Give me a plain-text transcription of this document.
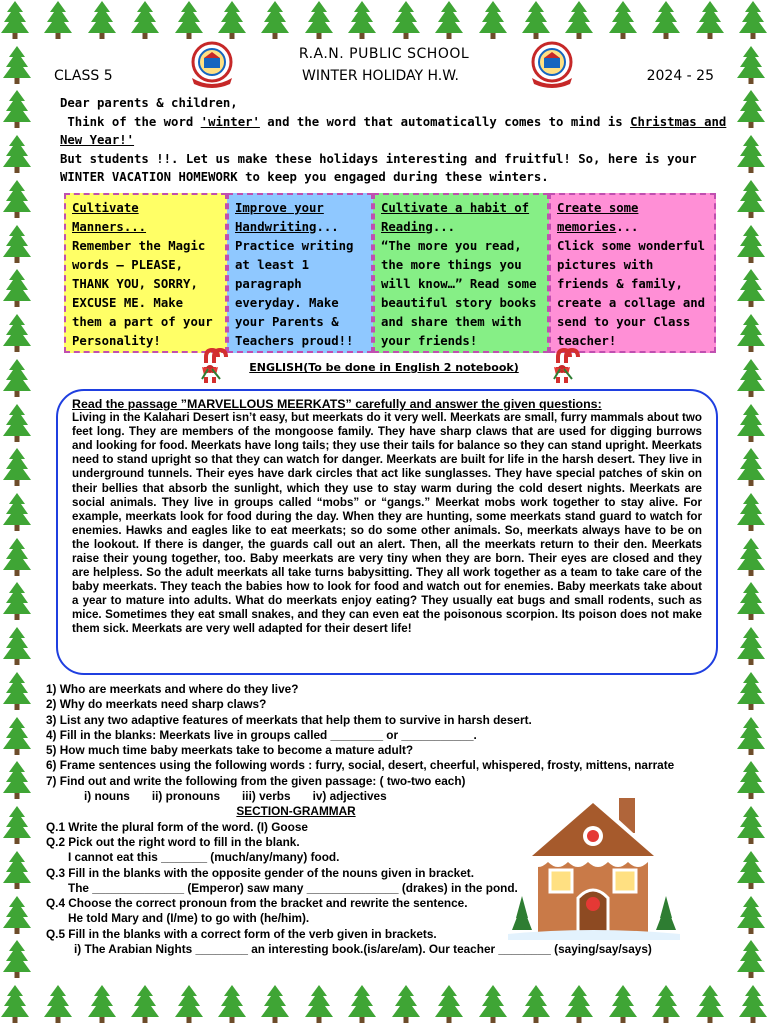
R.A.N. PUBLIC SCHOOL
CLASS 5	WINTER HOLIDAY H.W.	2024 - 25
Dear parents & children,
Think of the word 'winter' and the word that automatically comes to mind is Christmas and
New Year!'
But students !!. Let us make these holidays interesting and fruitful! So, here is your
WINTER VACATION HOMEWORK to keep you engaged during these winters.
Cultivate Manners...
Remember the Magic words – PLEASE, THANK YOU, SORRY, EXCUSE ME. Make them a part of your Personality!
Improve your Handwriting...
Practice writing at least 1 paragraph everyday. Make your Parents & Teachers proud!!
Cultivate a habit of Reading...
“The more you read, the more things you will know…” Read some beautiful story books and share them with your friends!
Create some memories...
Click some wonderful pictures with friends & family, create a collage and send to your Class teacher!
ENGLISH(To be done in English 2 notebook)
Read the passage ”MARVELLOUS MEERKATS” carefully and answer the given questions:
Living in the Kalahari Desert isn’t easy, but meerkats do it very well. Meerkats are small, furry mammals about two feet long. They are members of the mongoose family. They have sharp claws that are used for digging burrows and looking for food. Meerkats have long tails; they use their tails for balance so they can stand upright. Meerkats need to stand upright so that they can watch for danger. Meerkats are built for life in the harsh desert. They live in underground tunnels. Their eyes have dark circles that act like sunglasses. They have special patches of skin on their bellies that absorb the sunlight, which they use to stay warm during the cold desert nights. Meerkats are social animals. They live in groups called “mobs” or “gangs.” Meerkat mobs work together to stay alive. For example, meerkats look for food during the day. When they are hunting, some meerkats stand guard to watch for enemies. Hawks and eagles like to eat meerkats; so do some other animals. So, meerkats always have to be on the lookout. If there is danger, the guards call out an alert. Then, all the meerkats return to their den. Meerkats raise their young together, too. Baby meerkats are very tiny when they are born. Their eyes are closed and they are helpless. So the adult meerkats all take turns babysitting. They all work together as a team to take care of the baby meerkats. They teach the babies how to look for food and watch out for enemies. Baby meerkats take about a year to mature into adults. What do meerkats enjoy eating? They usually eat bugs and small rodents, such as mice. Sometimes they eat small snakes, and they can even eat the poisonous scorpion. Its poison does not make them sick. Meerkats are very well adapted for their desert life!
1) Who are meerkats and where do they live?
2) Why do meerkats need sharp claws?
3) List any two adaptive features of meerkats that help them to survive in harsh desert.
4) Fill in the blanks: Meerkats live in groups called ________ or ___________.
5) How much time baby meerkats take to become a mature adult?
6) Frame sentences using the following words : furry, social, desert, cheerful, whispered, frosty, mittens, narrate
7) Find out and write the following from the given passage: ( two-two each)
i) nouns ii) pronouns iii) verbs iv) adjectives
SECTION-GRAMMAR
Q.1 Write the plural form of the word. (I) Goose
Q.2 Pick out the right word to fill in the blank.
I cannot eat this _______ (much/any/many) food.
Q.3 Fill in the blanks with the opposite gender of the nouns given in bracket.
The ______________ (Emperor) saw many ______________ (drakes) in the pond.
Q.4 Choose the correct pronoun from the bracket and rewrite the sentence.
He told Mary and (I/me) to go with (he/him).
Q.5 Fill in the blanks with a correct form of the verb given in brackets.
i) The Arabian Nights ________ an interesting book.(is/are/am). Our teacher ________ (saying/say/says)
